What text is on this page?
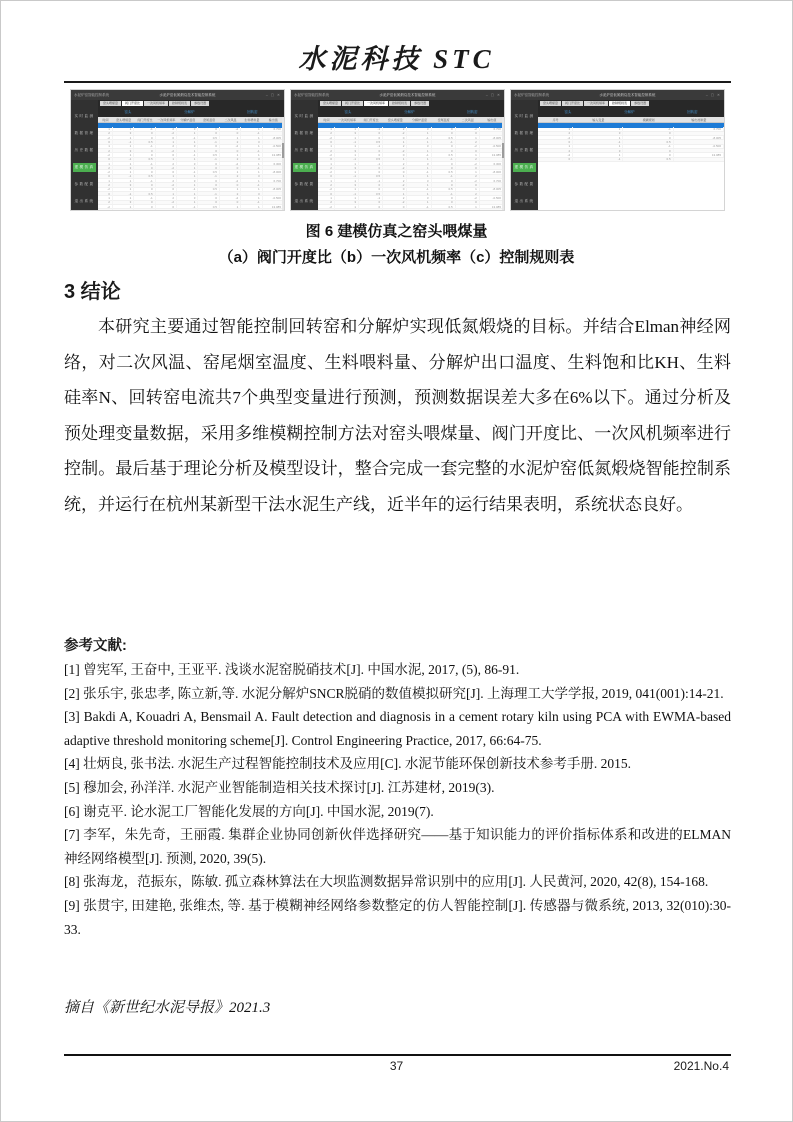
水泥科技 STC
水泥炉窑智能控制系统	水泥炉窑低氮煅烧技术智能控制系统	– ▢ ✕
实时监测
数据管理
历史数据
建模仿真
参数配置
退出系统
窑头喂煤量	阀门开度比	一次风机频率	控制规则表	参数设置
窑头	分解炉	回转窑
时间	窑头喂煤量	阀门开度比	一次风机频率	分解炉温度	窑尾温度	二次风温	生料喂料量	输出值
1	1	-1	2	3	0	-2	1	6.700
2	3	0	-2	1	0	0	-1
-2	1	0	0	-1	0.5	1	1	-8.005
0	-1	0.5	1	1	-1	2	3
1	1	-1	2	3	0	-2	1	-0.500
2	3	0	-2	1	0	0	-1
-2	1	0	0	-1	0.5	1	1	13.085
0	-1	0.5	1	1	-1	2	3
1	1	-1	2	3	0	-2	1	6.300
2	3	0	-2	1	0	0	-1
-2	1	0	0	-1	0.5	1	1	-8.000
0	-1	0.5	1	1	-1	2	3
1	1	-1	2	3	0	-2	1	6.700
2	3	0	-2	1	0	0	-1
-2	1	0	0	-1	0.5	1	1	-8.005
0	-1	0.5	1	1	-1	2	3
1	1	-1	2	3	0	-2	1	-0.500
2	3	0	-2	1	0	0	-1
-2	1	0	0	-1	0.5	1	1	13.085
水泥炉窑智能控制系统	水泥炉窑低氮煅烧技术智能控制系统	– ▢ ✕
实时监测
数据管理
历史数据
建模仿真
参数配置
退出系统
窑头喂煤量	阀门开度比	一次风机频率	控制规则表	参数设置
窑头	分解炉	回转窑
时间	一次风机频率	阀门开度比	窑头喂煤量	分解炉温度	窑尾温度	二次风温	输出值
1	1	-1	2	3	0	-2	6.700
2	3	0	-2	1	0	0
-2	1	0	0	-1	0.5	1	-8.005
0	-1	0.5	1	1	-1	2
1	1	-1	2	3	0	-2	-0.500
2	3	0	-2	1	0	0
-2	1	0	0	-1	0.5	1	13.085
0	-1	0.5	1	1	-1	2
1	1	-1	2	3	0	-2	6.300
2	3	0	-2	1	0	0
-2	1	0	0	-1	0.5	1	-8.000
0	-1	0.5	1	1	-1	2
1	1	-1	2	3	0	-2	6.700
2	3	0	-2	1	0	0
-2	1	0	0	-1	0.5	1	-8.005
0	-1	0.5	1	1	-1	2
1	1	-1	2	3	0	-2	-0.500
2	3	0	-2	1	0	0
-2	1	0	0	-1	0.5	1	13.085
水泥炉窑智能控制系统	水泥炉窑低氮煅烧技术智能控制系统	– ▢ ✕
实时监测
数据管理
历史数据
建模仿真
参数配置
退出系统
窑头喂煤量	阀门开度比	一次风机频率	控制规则表	参数设置
窑头	分解炉	回转窑
序号	输入变量	模糊规则	输出控制量
1	1	-1	6.700
2	3	0
-2	1	0	-8.005
0	-1	0.5
1	1	-1	-0.500
2	3	0
-2	1	0	13.085
0	-1	0.5
图 6 建模仿真之窑头喂煤量
（a）阀门开度比（b）一次风机频率（c）控制规则表
3 结论
本研究主要通过智能控制回转窑和分解炉实现低氮煅烧的目标。并结合Elman神经网络，对二次风温、窑尾烟室温度、生料喂料量、分解炉出口温度、生料饱和比KH、生料硅率N、回转窑电流共7个典型变量进行预测，预测数据误差大多在6%以下。通过分析及预处理变量数据，采用多维模糊控制方法对窑头喂煤量、阀门开度比、一次风机频率进行控制。最后基于理论分析及模型设计，整合完成一套完整的水泥炉窑低氮煅烧智能控制系统，并运行在杭州某新型干法水泥生产线，近半年的运行结果表明，系统状态良好。
参考文献:

[1] 曾宪军, 王奋中, 王亚平. 浅谈水泥窑脱硝技术[J]. 中国水泥, 2017, (5), 86-91.

[2] 张乐宇, 张忠孝, 陈立新,等. 水泥分解炉SNCR脱硝的数值模拟研究[J]. 上海理工大学学报, 2019, 041(001):14-21.

[3] Bakdi A, Kouadri A, Bensmail A. Fault detection and diagnosis in a cement rotary kiln using PCA with EWMA-based adaptive threshold monitoring scheme[J]. Control Engineering Practice, 2017, 66:64-75.

[4] 壮炳良, 张书法. 水泥生产过程智能控制技术及应用[C]. 水泥节能环保创新技术参考手册. 2015.

[5] 穆加会, 孙洋洋. 水泥产业智能制造相关技术探讨[J]. 江苏建材, 2019(3).

[6] 谢克平. 论水泥工厂智能化发展的方向[J]. 中国水泥, 2019(7).

[7] 李军，朱先奇，王丽霞. 集群企业协同创新伙伴选择研究——基于知识能力的评价指标体系和改进的ELMAN 神经网络模型[J]. 预测, 2020, 39(5).

[8] 张海龙，范振东，陈敏. 孤立森林算法在大坝监测数据异常识别中的应用[J]. 人民黄河, 2020, 42(8), 154-168.

[9] 张贯宇, 田建艳, 张维杰, 等. 基于模糊神经网络参数整定的仿人智能控制[J]. 传感器与微系统, 2013, 32(010):30-33.

摘自《新世纪水泥导报》2021.3
37	2021.No.4
